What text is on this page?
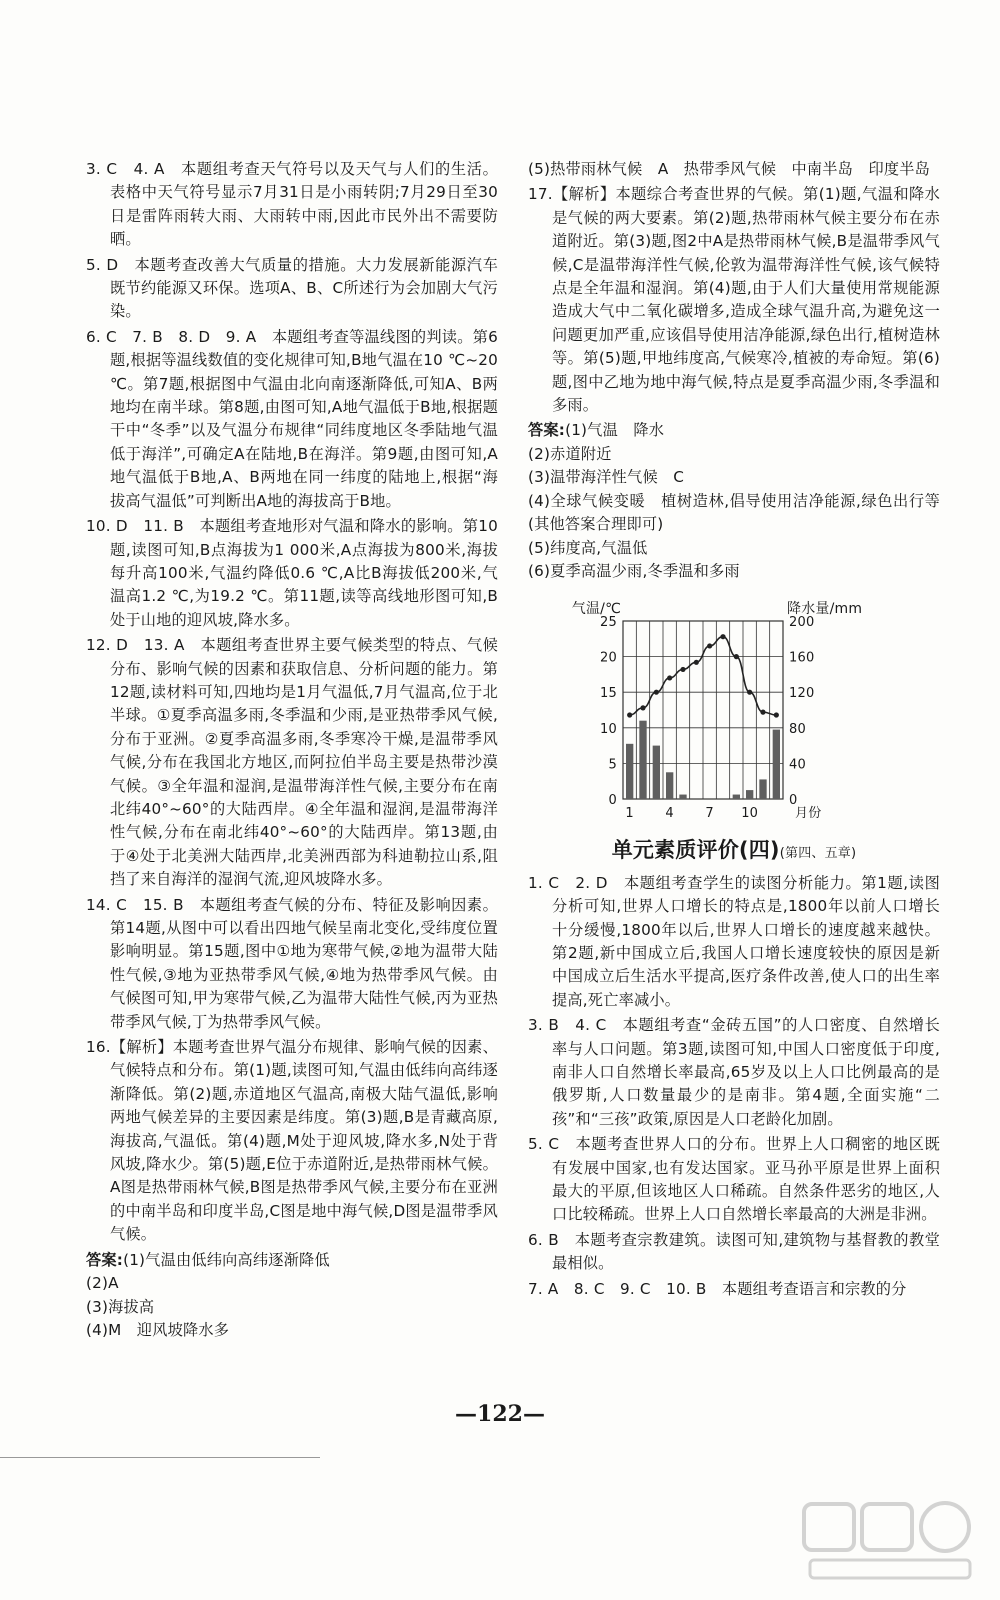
3. C　4. A　本题组考查天气符号以及天气与人们的生活。表格中天气符号显示7月31日是小雨转阴;7月29日至30日是雷阵雨转大雨、大雨转中雨,因此市民外出不需要防晒。
5. D　本题考查改善大气质量的措施。大力发展新能源汽车既节约能源又环保。选项A、B、C所述行为会加剧大气污染。
6. C　7. B　8. D　9. A　本题组考查等温线图的判读。第6题,根据等温线数值的变化规律可知,B地气温在10 ℃~20 ℃。第7题,根据图中气温由北向南逐渐降低,可知A、B两地均在南半球。第8题,由图可知,A地气温低于B地,根据题干中“冬季”以及气温分布规律“同纬度地区冬季陆地气温低于海洋”,可确定A在陆地,B在海洋。第9题,由图可知,A地气温低于B地,A、B两地在同一纬度的陆地上,根据“海拔高气温低”可判断出A地的海拔高于B地。
10. D　11. B　本题组考查地形对气温和降水的影响。第10题,读图可知,B点海拔为1 000米,A点海拔为800米,海拔每升高100米,气温约降低0.6 ℃,A比B海拔低200米,气温高1.2 ℃,为19.2 ℃。第11题,读等高线地形图可知,B处于山地的迎风坡,降水多。
12. D　13. A　本题组考查世界主要气候类型的特点、气候分布、影响气候的因素和获取信息、分析问题的能力。第12题,读材料可知,四地均是1月气温低,7月气温高,位于北半球。①夏季高温多雨,冬季温和少雨,是亚热带季风气候,分布于亚洲。②夏季高温多雨,冬季寒冷干燥,是温带季风气候,分布在我国北方地区,而阿拉伯半岛主要是热带沙漠气候。③全年温和湿润,是温带海洋性气候,主要分布在南北纬40°~60°的大陆西岸。④全年温和湿润,是温带海洋性气候,分布在南北纬40°~60°的大陆西岸。第13题,由于④处于北美洲大陆西岸,北美洲西部为科迪勒拉山系,阻挡了来自海洋的湿润气流,迎风坡降水多。
14. C　15. B　本题组考查气候的分布、特征及影响因素。第14题,从图中可以看出四地气候呈南北变化,受纬度位置影响明显。第15题,图中①地为寒带气候,②地为温带大陆性气候,③地为亚热带季风气候,④地为热带季风气候。由气候图可知,甲为寒带气候,乙为温带大陆性气候,丙为亚热带季风气候,丁为热带季风气候。
16.【解析】本题考查世界气温分布规律、影响气候的因素、气候特点和分布。第(1)题,读图可知,气温由低纬向高纬逐渐降低。第(2)题,赤道地区气温高,南极大陆气温低,影响两地气候差异的主要因素是纬度。第(3)题,B是青藏高原,海拔高,气温低。第(4)题,M处于迎风坡,降水多,N处于背风坡,降水少。第(5)题,E位于赤道附近,是热带雨林气候。A图是热带雨林气候,B图是热带季风气候,主要分布在亚洲的中南半岛和印度半岛,C图是地中海气候,D图是温带季风气候。
答案:(1)气温由低纬向高纬逐渐降低
(2)A
(3)海拔高
(4)M　迎风坡降水多
(5)热带雨林气候　A　热带季风气候　中南半岛　印度半岛
17.【解析】本题综合考查世界的气候。第(1)题,气温和降水是气候的两大要素。第(2)题,热带雨林气候主要分布在赤道附近。第(3)题,图2中A是热带雨林气候,B是温带季风气候,C是温带海洋性气候,伦敦为温带海洋性气候,该气候特点是全年温和湿润。第(4)题,由于人们大量使用常规能源造成大气中二氧化碳增多,造成全球气温升高,为避免这一问题更加严重,应该倡导使用洁净能源,绿色出行,植树造林等。第(5)题,甲地纬度高,气候寒冷,植被的寿命短。第(6)题,图中乙地为地中海气候,特点是夏季高温少雨,冬季温和多雨。
答案:(1)气温　降水
(2)赤道附近
(3)温带海洋性气候　C
(4)全球气候变暖　植树造林,倡导使用洁净能源,绿色出行等(其他答案合理即可)
(5)纬度高,气温低
(6)夏季高温少雨,冬季温和多雨
0
5
10
15
20
25
0
40
80
120
160
200
1 4 7 10	月份
气温/℃	降水量/mm
单元素质评价(四)(第四、五章)
1. C　2. D　本题组考查学生的读图分析能力。第1题,读图分析可知,世界人口增长的特点是,1800年以前人口增长十分缓慢,1800年以后,世界人口增长的速度越来越快。第2题,新中国成立后,我国人口增长速度较快的原因是新中国成立后生活水平提高,医疗条件改善,使人口的出生率提高,死亡率减小。
3. B　4. C　本题组考查“金砖五国”的人口密度、自然增长率与人口问题。第3题,读图可知,中国人口密度低于印度,南非人口自然增长率最高,65岁及以上人口比例最高的是俄罗斯,人口数量最少的是南非。第4题,全面实施“二孩”和“三孩”政策,原因是人口老龄化加剧。
5. C　本题考查世界人口的分布。世界上人口稠密的地区既有发展中国家,也有发达国家。亚马孙平原是世界上面积最大的平原,但该地区人口稀疏。自然条件恶劣的地区,人口比较稀疏。世界上人口自然增长率最高的大洲是非洲。
6. B　本题考查宗教建筑。读图可知,建筑物与基督教的教堂最相似。
7. A　8. C　9. C　10. B　本题组考查语言和宗教的分
—122—
